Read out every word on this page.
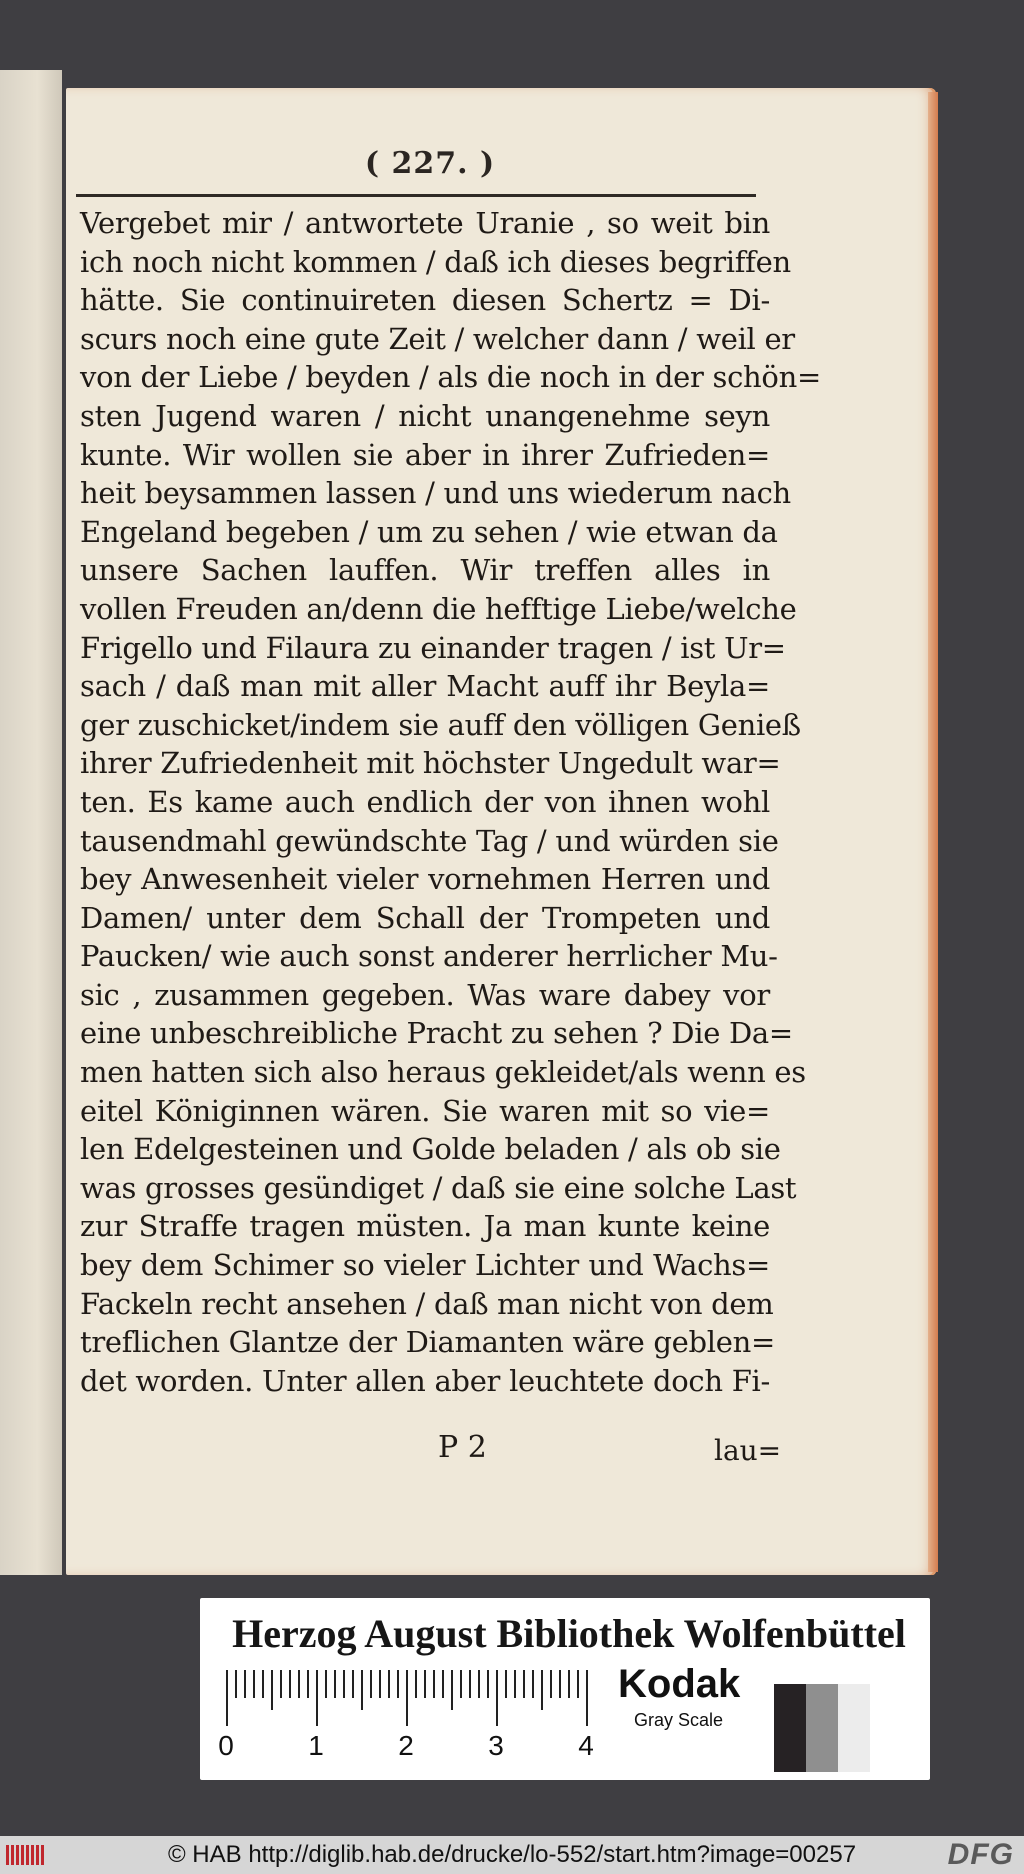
( 227. )
Vergebet mir / antwortete Uranie , so weit bin
ich noch nicht kommen / daß ich dieses begriffen
hätte. Sie continuireten diesen Schertz = Di-
scurs noch eine gute Zeit / welcher dann / weil er
von der Liebe / beyden / als die noch in der schön=
sten Jugend waren / nicht unangenehme seyn
kunte. Wir wollen sie aber in ihrer Zufrieden=
heit beysammen lassen / und uns wiederum nach
Engeland begeben / um zu sehen / wie etwan da
unsere Sachen lauffen. Wir treffen alles in
vollen Freuden an/denn die hefftige Liebe/welche
Frigello und Filaura zu einander tragen / ist Ur=
sach / daß man mit aller Macht auff ihr Beyla=
ger zuschicket/indem sie auff den völligen Genieß
ihrer Zufriedenheit mit höchster Ungedult war=
ten. Es kame auch endlich der von ihnen wohl
tausendmahl gewündschte Tag / und würden sie
bey Anwesenheit vieler vornehmen Herren und
Damen/ unter dem Schall der Trompeten und
Paucken/ wie auch sonst anderer herrlicher Mu-
sic , zusammen gegeben. Was ware dabey vor
eine unbeschreibliche Pracht zu sehen ? Die Da=
men hatten sich also heraus gekleidet/als wenn es
eitel Königinnen wären. Sie waren mit so vie=
len Edelgesteinen und Golde beladen / als ob sie
was grosses gesündiget / daß sie eine solche Last
zur Straffe tragen müsten. Ja man kunte keine
bey dem Schimer so vieler Lichter und Wachs=
Fackeln recht ansehen / daß man nicht von dem
treflichen Glantze der Diamanten wäre geblen=
det worden. Unter allen aber leuchtete doch Fi-
P 2	lau=
Herzog August Bibliothek Wolfenbüttel
0	1	2	3	4
Kodak
Gray Scale
© HAB http://diglib.hab.de/drucke/lo-552/start.htm?image=00257	DFG
